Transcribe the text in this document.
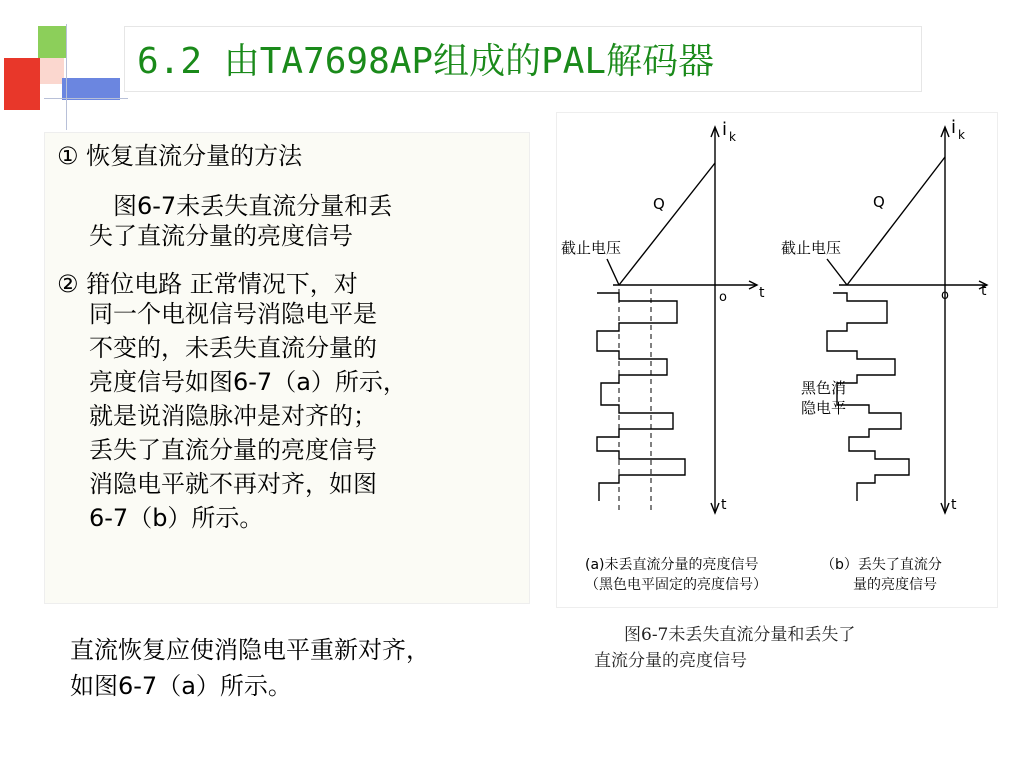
6.2 由TA7698AP组成的PAL解码器
① 恢复直流分量的方法
图6-7未丢失直流分量和丢
失了直流分量的亮度信号
② 箝位电路 正常情况下，对
同一个电视信号消隐电平是
不变的，未丢失直流分量的
亮度信号如图6-7（a）所示，
就是说消隐脉冲是对齐的；
丢失了直流分量的亮度信号
消隐电平就不再对齐，如图
6-7（b）所示。
直流恢复应使消隐电平重新对齐，
如图6-7（a）所示。
i k	i k
Q	Q
截止电压	截止电压
o	o
t	t
t	t
黑色消
隐电平
(a)未丢直流分量的亮度信号
（黑色电平固定的亮度信号）
（b）丢失了直流分
量的亮度信号
图6-7未丢失直流分量和丢失了
直流分量的亮度信号
